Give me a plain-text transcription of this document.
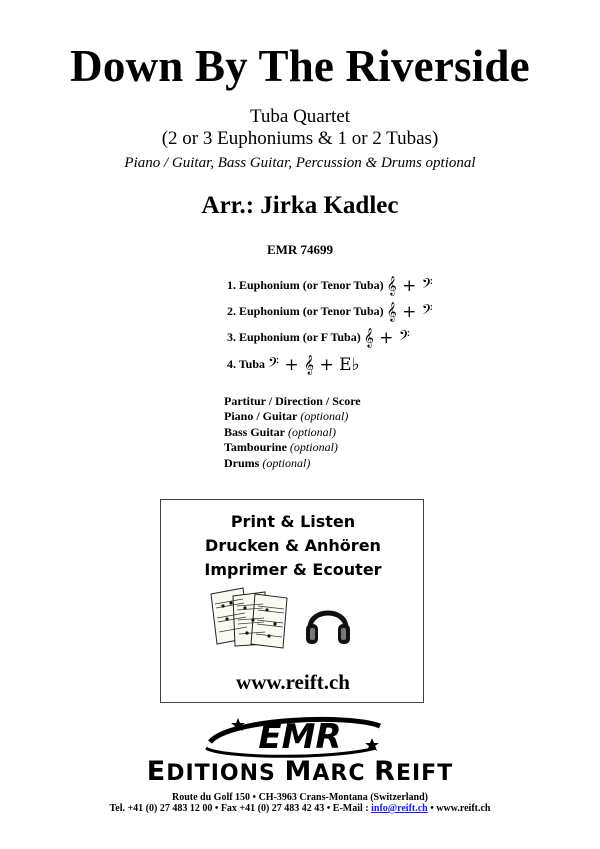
Down By The Riverside
Tuba Quartet
(2 or 3 Euphoniums & 1 or 2 Tubas)
Piano / Guitar, Bass Guitar, Percussion & Drums optional
Arr.: Jirka Kadlec
EMR 74699
1. Euphonium (or Tenor Tuba) 𝄞 + 𝄢
2. Euphonium (or Tenor Tuba) 𝄞 + 𝄢
3. Euphonium (or F Tuba) 𝄞 + 𝄢
4. Tuba 𝄢 + 𝄞 + E♭
Partitur / Direction / Score
Piano / Guitar (optional)
Bass Guitar (optional)
Tambourine (optional)
Drums (optional)
Print & Listen
Drucken & Anhören
Imprimer & Ecouter
www.reift.ch
EMR
EDITIONS MARC REIFT
Route du Golf 150 • CH-3963 Crans-Montana (Switzerland)
Tel. +41 (0) 27 483 12 00 • Fax +41 (0) 27 483 42 43 • E-Mail : info@reift.ch • www.reift.ch
